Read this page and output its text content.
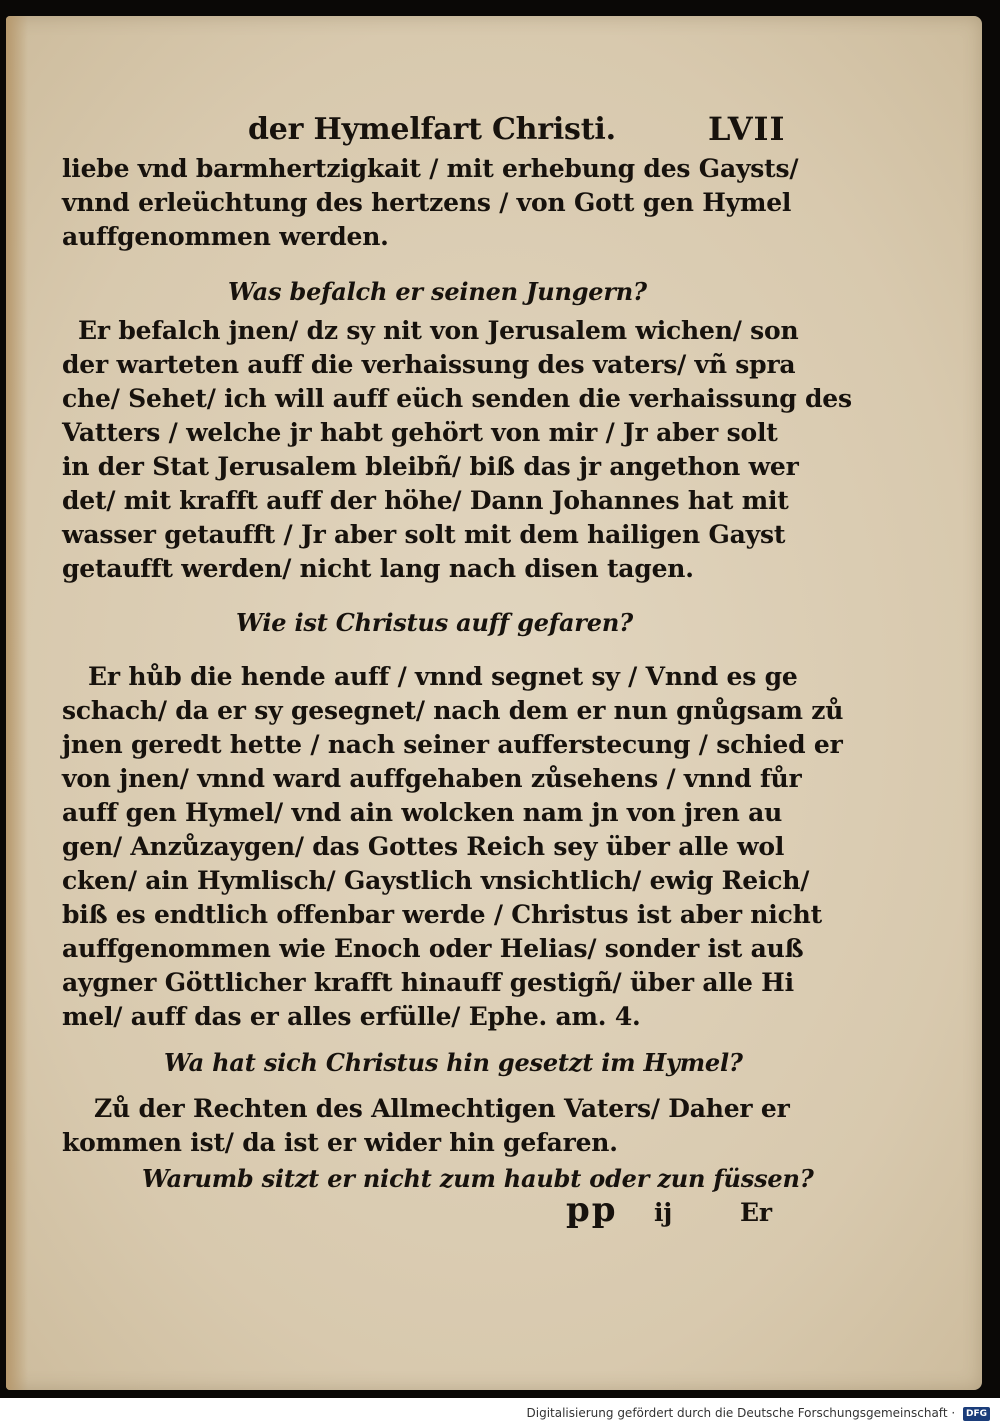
der Hymelfart Christi.	LVII
liebe vnd barmhertzigkait / mit erhebung des Gaysts/
vnnd erleüchtung des hertzens / von Gott gen Hymel
auffgenommen werden.
Was befalch er seinen Jungern?
Er befalch jnen/ dz sy nit von Jerusalem wichen/ son
der warteten auff die verhaissung des vaters/ vñ spra
che/ Sehet/ ich will auff eüch senden die verhaissung des
Vatters / welche jr habt gehört von mir / Jr aber solt
in der Stat Jerusalem bleibñ/ biß das jr angethon wer
det/ mit krafft auff der höhe/ Dann Johannes hat mit
wasser getaufft / Jr aber solt mit dem hailigen Gayst
getaufft werden/ nicht lang nach disen tagen.
Wie ist Christus auff gefaren?
Er hůb die hende auff / vnnd segnet sy / Vnnd es ge
schach/ da er sy gesegnet/ nach dem er nun gnůgsam zů
jnen geredt hette / nach seiner aufferstecung / schied er
von jnen/ vnnd ward auffgehaben zůsehens / vnnd fůr
auff gen Hymel/ vnd ain wolcken nam jn von jren au
gen/ Anzůzaygen/ das Gottes Reich sey über alle wol
cken/ ain Hymlisch/ Gaystlich vnsichtlich/ ewig Reich/
biß es endtlich offenbar werde / Christus ist aber nicht
auffgenommen wie Enoch oder Helias/ sonder ist auß
aygner Göttlicher krafft hinauff gestigñ/ über alle Hi
mel/ auff das er alles erfülle/ Ephe. am. 4.
Wa hat sich Christus hin gesetzt im Hymel?
Zů der Rechten des Allmechtigen Vaters/ Daher er
kommen ist/ da ist er wider hin gefaren.
Warumb sitzt er nicht zum haubt oder zun füssen?
pp ij	Er
Digitalisierung gefördert durch die Deutsche Forschungsgemeinschaft · DFG
